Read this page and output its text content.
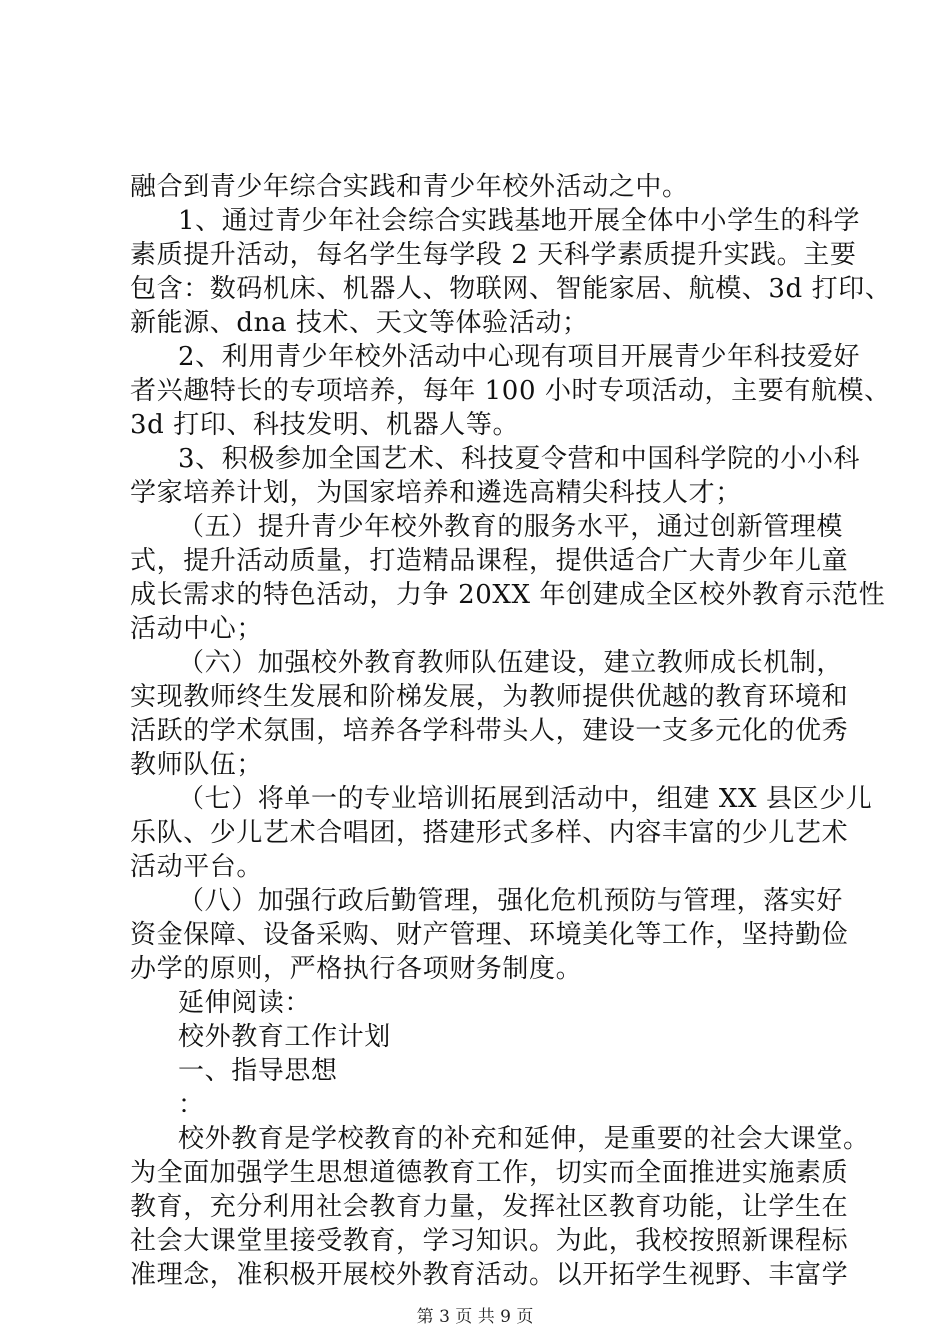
融合到青少年综合实践和青少年校外活动之中。

1、通过青少年社会综合实践基地开展全体中小学生的科学

素质提升活动，每名学生每学段 2 天科学素质提升实践。主要

包含：数码机床、机器人、物联网、智能家居、航模、3d 打印、

新能源、dna 技术、天文等体验活动；

2、利用青少年校外活动中心现有项目开展青少年科技爱好

者兴趣特长的专项培养，每年 100 小时专项活动，主要有航模、

3d 打印、科技发明、机器人等。

3、积极参加全国艺术、科技夏令营和中国科学院的小小科

学家培养计划，为国家培养和遴选高精尖科技人才；

（五）提升青少年校外教育的服务水平，通过创新管理模

式，提升活动质量，打造精品课程，提供适合广大青少年儿童

成长需求的特色活动，力争 20XX 年创建成全区校外教育示范性

活动中心；

（六）加强校外教育教师队伍建设，建立教师成长机制，

实现教师终生发展和阶梯发展，为教师提供优越的教育环境和

活跃的学术氛围，培养各学科带头人，建设一支多元化的优秀

教师队伍；

（七）将单一的专业培训拓展到活动中，组建 XX 县区少儿

乐队、少儿艺术合唱团，搭建形式多样、内容丰富的少儿艺术

活动平台。

（八）加强行政后勤管理，强化危机预防与管理，落实好

资金保障、设备采购、财产管理、环境美化等工作，坚持勤俭

办学的原则，严格执行各项财务制度。

延伸阅读：

校外教育工作计划

一、指导思想

：

校外教育是学校教育的补充和延伸，是重要的社会大课堂。

为全面加强学生思想道德教育工作，切实而全面推进实施素质

教育，充分利用社会教育力量，发挥社区教育功能，让学生在

社会大课堂里接受教育，学习知识。为此，我校按照新课程标

准理念，准积极开展校外教育活动。以开拓学生视野、丰富学

第 3 页 共 9 页
